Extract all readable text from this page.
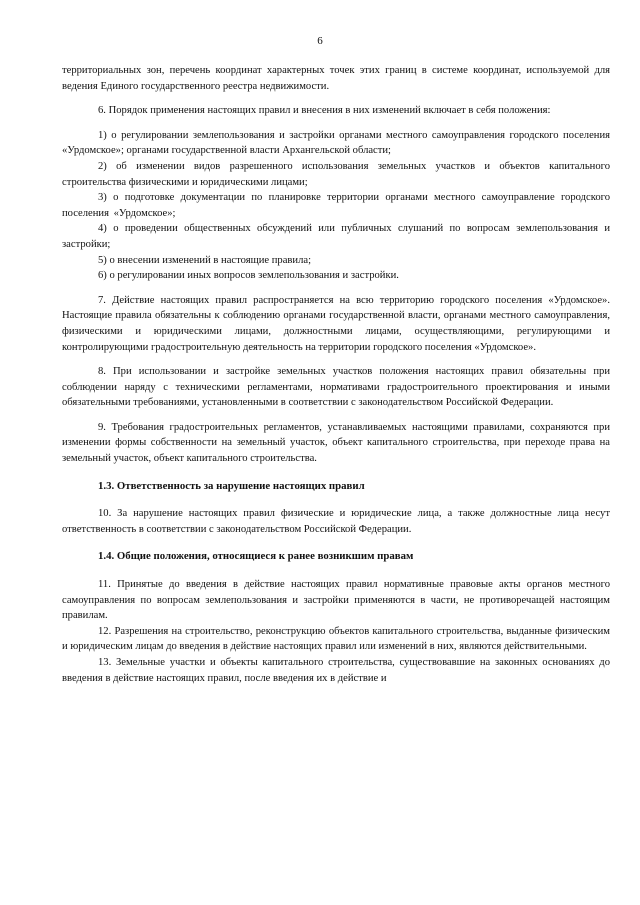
6

территориальных зон, перечень координат характерных точек этих границ в системе координат, используемой для ведения Единого государственного реестра недвижимости.

6. Порядок применения настоящих правил и внесения в них изменений включает в себя положения:

1) о регулировании землепользования и застройки органами местного самоуправления городского поселения «Урдомское»; органами государственной власти Архангельской области;

2) об изменении видов разрешенного использования земельных участков и объектов капитального строительства физическими и юридическими лицами;

3) о подготовке документации по планировке территории органами местного самоуправление городского поселения «Урдомское»;

4) о проведении общественных обсуждений или публичных слушаний по вопросам землепользования и застройки;

5) о внесении изменений в настоящие правила;

6) о регулировании иных вопросов землепользования и застройки.

7. Действие настоящих правил распространяется на всю территорию городского поселения «Урдомское». Настоящие правила обязательны к соблюдению органами государственной власти, органами местного самоуправления, физическими и юридическими лицами, должностными лицами, осуществляющими, регулирующими и контролирующими градостроительную деятельность на территории городского поселения «Урдомское».

8. При использовании и застройке земельных участков положения настоящих правил обязательны при соблюдении наряду с техническими регламентами, нормативами градостроительного проектирования и иными обязательными требованиями, установленными в соответствии с законодательством Российской Федерации.

9. Требования градостроительных регламентов, устанавливаемых настоящими правилами, сохраняются при изменении формы собственности на земельный участок, объект капитального строительства, при переходе права на земельный участок, объект капитального строительства.

1.3. Ответственность за нарушение настоящих правил

10. За нарушение настоящих правил физические и юридические лица, а также должностные лица несут ответственность в соответствии с законодательством Российской Федерации.

1.4. Общие положения, относящиеся к ранее возникшим правам

11. Принятые до введения в действие настоящих правил нормативные правовые акты органов местного самоуправления по вопросам землепользования и застройки применяются в части, не противоречащей настоящим правилам.

12. Разрешения на строительство, реконструкцию объектов капитального строительства, выданные физическим и юридическим лицам до введения в действие настоящих правил или изменений в них, являются действительными.

13. Земельные участки и объекты капитального строительства, существовавшие на законных основаниях до введения в действие настоящих правил, после введения их в действие и
